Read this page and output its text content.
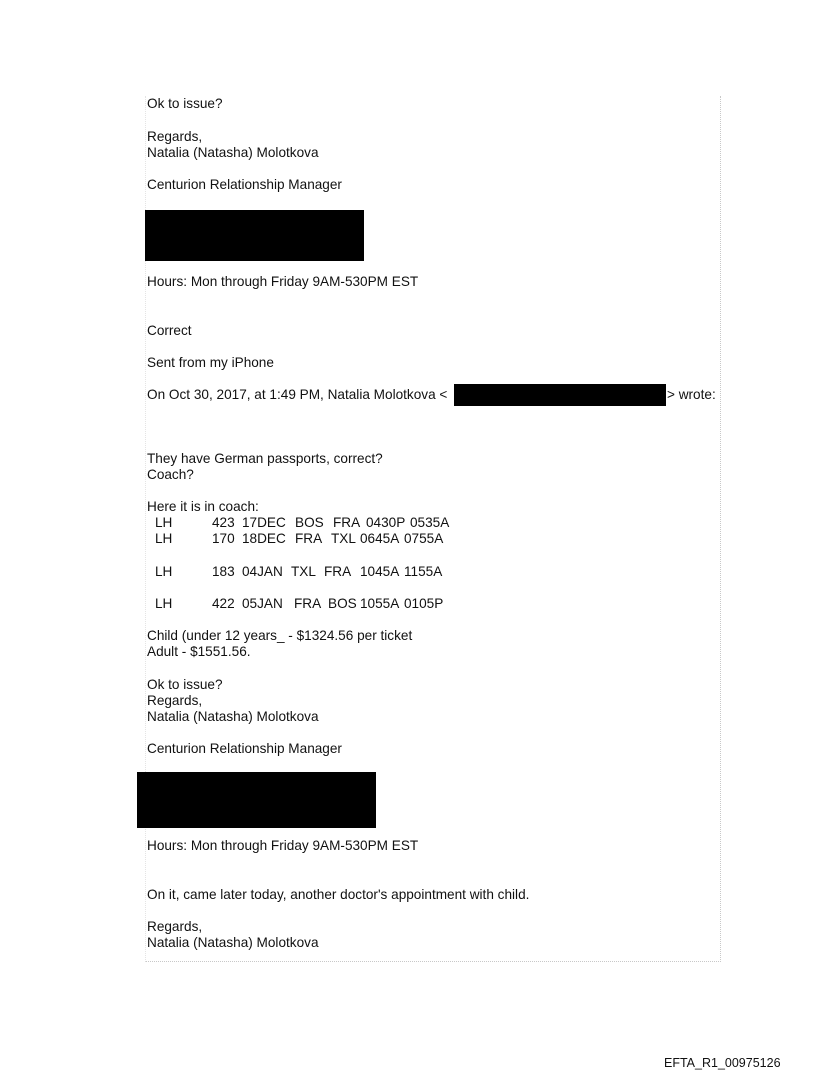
Ok to issue?
Regards,
Natalia (Natasha) Molotkova
Centurion Relationship Manager
Hours: Mon through Friday 9AM-530PM EST
Correct
Sent from my iPhone
On Oct 30, 2017, at 1:49 PM, Natalia Molotkova <	> wrote:
They have German passports, correct?
Coach?
Here it is in coach:
LH	423 17DEC BOS FRA 0430P 0535A
LH	170 18DEC FRA TXL 0645A 0755A
LH	183 04JAN TXL FRA 1045A 1155A
LH	422 05JAN FRA BOS 1055A 0105P
Child (under 12 years_ - $1324.56 per ticket
Adult - $1551.56.
Ok to issue?
Regards,
Natalia (Natasha) Molotkova
Centurion Relationship Manager
Hours: Mon through Friday 9AM-530PM EST
On it, came later today, another doctor's appointment with child.
Regards,
Natalia (Natasha) Molotkova
EFTA_R1_00975126
